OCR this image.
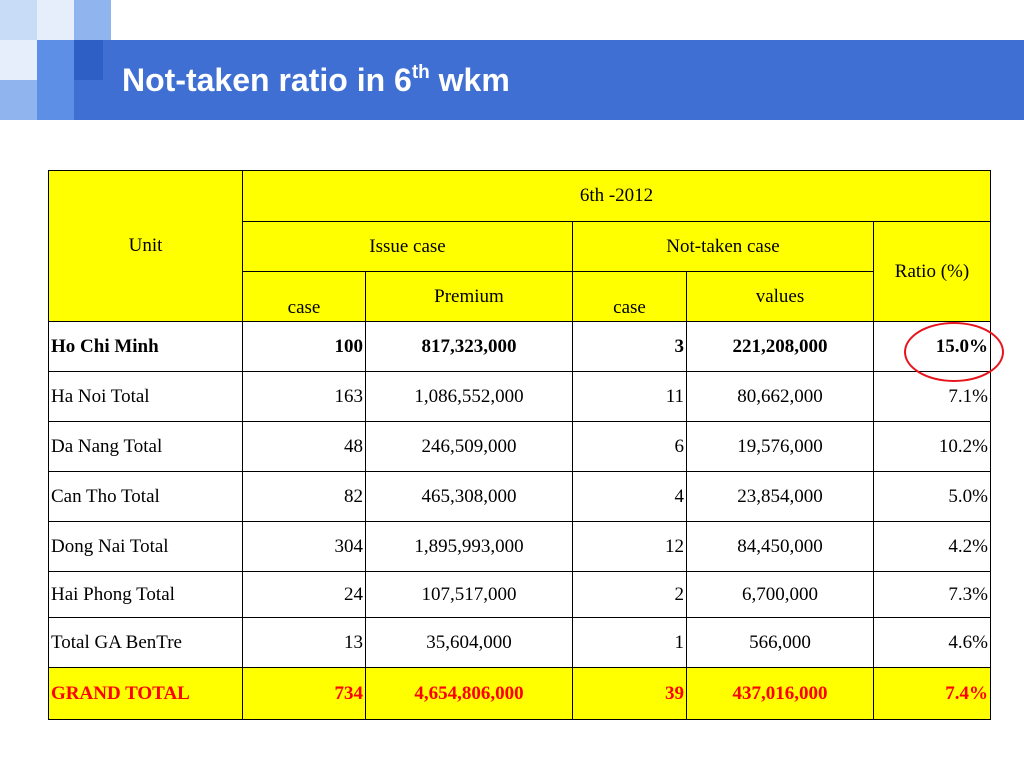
Not-taken ratio in 6th wkm
Unit	6th -2012				
	Issue case		Not-taken case		Ratio (%)
	case	Premium	case	values	
Ho Chi Minh	100	817,323,000	3	221,208,000	15.0%
Ha Noi Total	163	1,086,552,000	11	80,662,000	7.1%
Da Nang Total	48	246,509,000	6	19,576,000	10.2%
Can Tho Total	82	465,308,000	4	23,854,000	5.0%
Dong Nai Total	304	1,895,993,000	12	84,450,000	4.2%
Hai Phong Total	24	107,517,000	2	6,700,000	7.3%
Total GA BenTre	13	35,604,000	1	566,000	4.6%
GRAND TOTAL	734	4,654,806,000	39	437,016,000	7.4%
